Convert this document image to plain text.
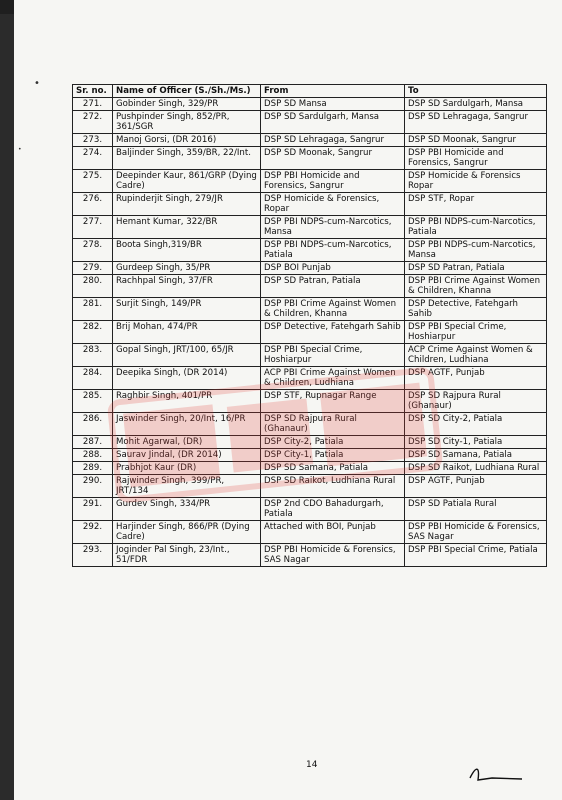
•
•
Sr. no.	Name of Officer (S./Sh./Ms.)	From	To
271.	Gobinder Singh, 329/PR	DSP SD Mansa	DSP SD Sardulgarh, Mansa
272.	Pushpinder Singh, 852/PR, 361/SGR	DSP SD Sardulgarh, Mansa	DSP SD Lehragaga, Sangrur
273.	Manoj Gorsi, (DR 2016)	DSP SD Lehragaga, Sangrur	DSP SD Moonak, Sangrur
274.	Baljinder Singh, 359/BR, 22/Int.	DSP SD Moonak, Sangrur	DSP PBI Homicide and Forensics, Sangrur
275.	Deepinder Kaur, 861/GRP (Dying Cadre)	DSP PBI Homicide and Forensics, Sangrur	DSP Homicide & Forensics Ropar
276.	Rupinderjit Singh, 279/JR	DSP Homicide & Forensics, Ropar	DSP STF, Ropar
277.	Hemant Kumar, 322/BR	DSP PBI NDPS-cum-Narcotics, Mansa	DSP PBI NDPS-cum-Narcotics, Patiala
278.	Boota Singh,319/BR	DSP PBI NDPS-cum-Narcotics, Patiala	DSP PBI NDPS-cum-Narcotics, Mansa
279.	Gurdeep Singh, 35/PR	DSP BOI Punjab	DSP SD Patran, Patiala
280.	Rachhpal Singh, 37/FR	DSP SD Patran, Patiala	DSP PBI Crime Against Women & Children, Khanna
281.	Surjit Singh, 149/PR	DSP PBI Crime Against Women & Children, Khanna	DSP Detective, Fatehgarh Sahib
282.	Brij Mohan, 474/PR	DSP Detective, Fatehgarh Sahib	DSP PBI Special Crime, Hoshiarpur
283.	Gopal Singh, JRT/100, 65/JR	DSP PBI Special Crime, Hoshiarpur	ACP Crime Against Women & Children, Ludhiana
284.	Deepika Singh, (DR 2014)	ACP PBI Crime Against Women & Children, Ludhiana	DSP AGTF, Punjab
285.	Raghbir Singh, 401/PR	DSP STF, Rupnagar Range	DSP SD Rajpura Rural (Ghanaur)
286.	Jaswinder Singh, 20/Int, 16/PR	DSP SD Rajpura Rural (Ghanaur)	DSP SD City-2, Patiala
287.	Mohit Agarwal, (DR)	DSP City-2, Patiala	DSP SD City-1, Patiala
288.	Saurav Jindal, (DR 2014)	DSP City-1, Patiala	DSP SD Samana, Patiala
289.	Prabhjot Kaur (DR)	DSP SD Samana, Patiala	DSP SD Raikot, Ludhiana Rural
290.	Rajwinder Singh, 399/PR, JRT/134	DSP SD Raikot, Ludhiana Rural	DSP AGTF, Punjab
291.	Gurdev Singh, 334/PR	DSP 2nd CDO Bahadurgarh, Patiala	DSP SD Patiala Rural
292.	Harjinder Singh, 866/PR (Dying Cadre)	Attached with BOI, Punjab	DSP PBI Homicide & Forensics, SAS Nagar
293.	Joginder Pal Singh, 23/Int., 51/FDR	DSP PBI Homicide & Forensics, SAS Nagar	DSP PBI Special Crime, Patiala
14
